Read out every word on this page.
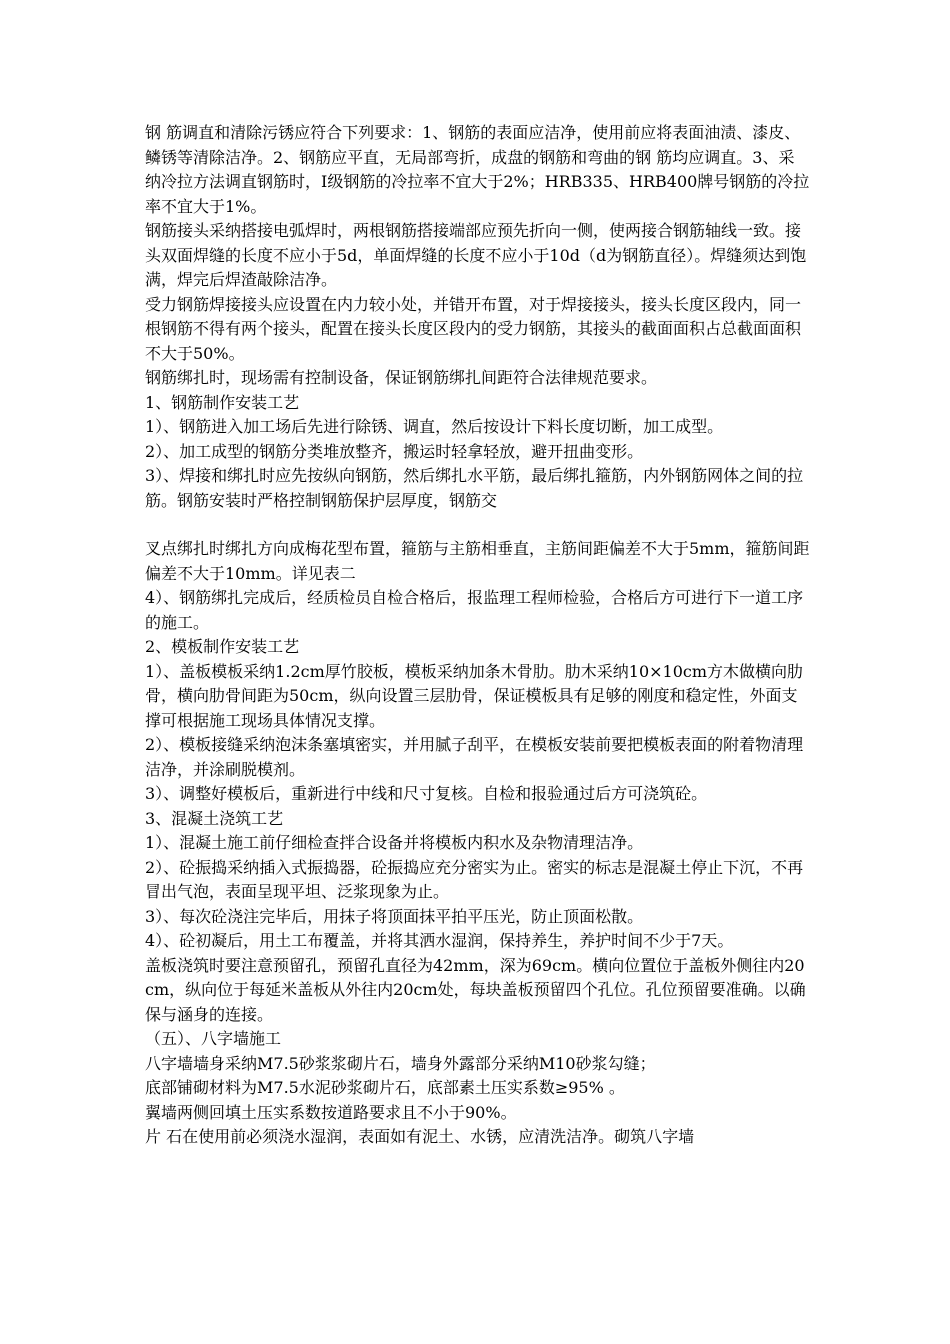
钢 筋调直和清除污锈应符合下列要求：1、钢筋的表面应洁净，使用前应将表面油渍、漆皮、鳞锈等清除洁净。2、钢筋应平直，无局部弯折，成盘的钢筋和弯曲的钢 筋均应调直。3、采纳冷拉方法调直钢筋时，I级钢筋的冷拉率不宜大于2%；HRB335、HRB400牌号钢筋的冷拉率不宜大于1%。

钢筋接头采纳搭接电弧焊时，两根钢筋搭接端部应预先折向一侧，使两接合钢筋轴线一致。接头双面焊缝的长度不应小于5d，单面焊缝的长度不应小于10d（d为钢筋直径）。焊缝须达到饱满，焊完后焊渣敲除洁净。

受力钢筋焊接接头应设置在内力较小处，并错开布置，对于焊接接头，接头长度区段内，同一根钢筋不得有两个接头，配置在接头长度区段内的受力钢筋，其接头的截面面积占总截面面积不大于50%。

钢筋绑扎时，现场需有控制设备，保证钢筋绑扎间距符合法律规范要求。

1、钢筋制作安装工艺

1）、钢筋进入加工场后先进行除锈、调直，然后按设计下料长度切断，加工成型。

2）、加工成型的钢筋分类堆放整齐，搬运时轻拿轻放，避开扭曲变形。

3）、焊接和绑扎时应先按纵向钢筋，然后绑扎水平筋，最后绑扎箍筋，内外钢筋网体之间的拉筋。钢筋安装时严格控制钢筋保护层厚度，钢筋交

叉点绑扎时绑扎方向成梅花型布置，箍筋与主筋相垂直，主筋间距偏差不大于5mm，箍筋间距偏差不大于10mm。详见表二

4）、钢筋绑扎完成后，经质检员自检合格后，报监理工程师检验，合格后方可进行下一道工序的施工。

2、模板制作安装工艺

1）、盖板模板采纳1.2cm厚竹胶板，模板采纳加条木骨肋。肋木采纳10×10cm方木做横向肋骨，横向肋骨间距为50cm，纵向设置三层肋骨，保证模板具有足够的刚度和稳定性，外面支撑可根据施工现场具体情况支撑。

2）、模板接缝采纳泡沫条塞填密实，并用腻子刮平，在模板安装前要把模板表面的附着物清理洁净，并涂刷脱模剂。

3）、调整好模板后，重新进行中线和尺寸复核。自检和报验通过后方可浇筑砼。

3、混凝土浇筑工艺

1）、混凝土施工前仔细检查拌合设备并将模板内积水及杂物清理洁净。

2）、砼振捣采纳插入式振捣器，砼振捣应充分密实为止。密实的标志是混凝土停止下沉，不再冒出气泡，表面呈现平坦、泛浆现象为止。

3）、每次砼浇注完毕后，用抹子将顶面抹平拍平压光，防止顶面松散。

4）、砼初凝后，用土工布覆盖，并将其洒水湿润，保持养生，养护时间不少于7天。

盖板浇筑时要注意预留孔，预留孔直径为42mm，深为69cm。横向位置位于盖板外侧往内20cm，纵向位于每延米盖板从外往内20cm处，每块盖板预留四个孔位。孔位预留要准确。以确保与涵身的连接。

（五）、八字墙施工

八字墙墙身采纳M7.5砂浆浆砌片石，墙身外露部分采纳M10砂浆勾缝；

底部铺砌材料为M7.5水泥砂浆砌片石，底部素土压实系数≥95% 。

翼墙两侧回填土压实系数按道路要求且不小于90%。

片 石在使用前必须浇水湿润，表面如有泥土、水锈，应清洗洁净。砌筑八字墙
